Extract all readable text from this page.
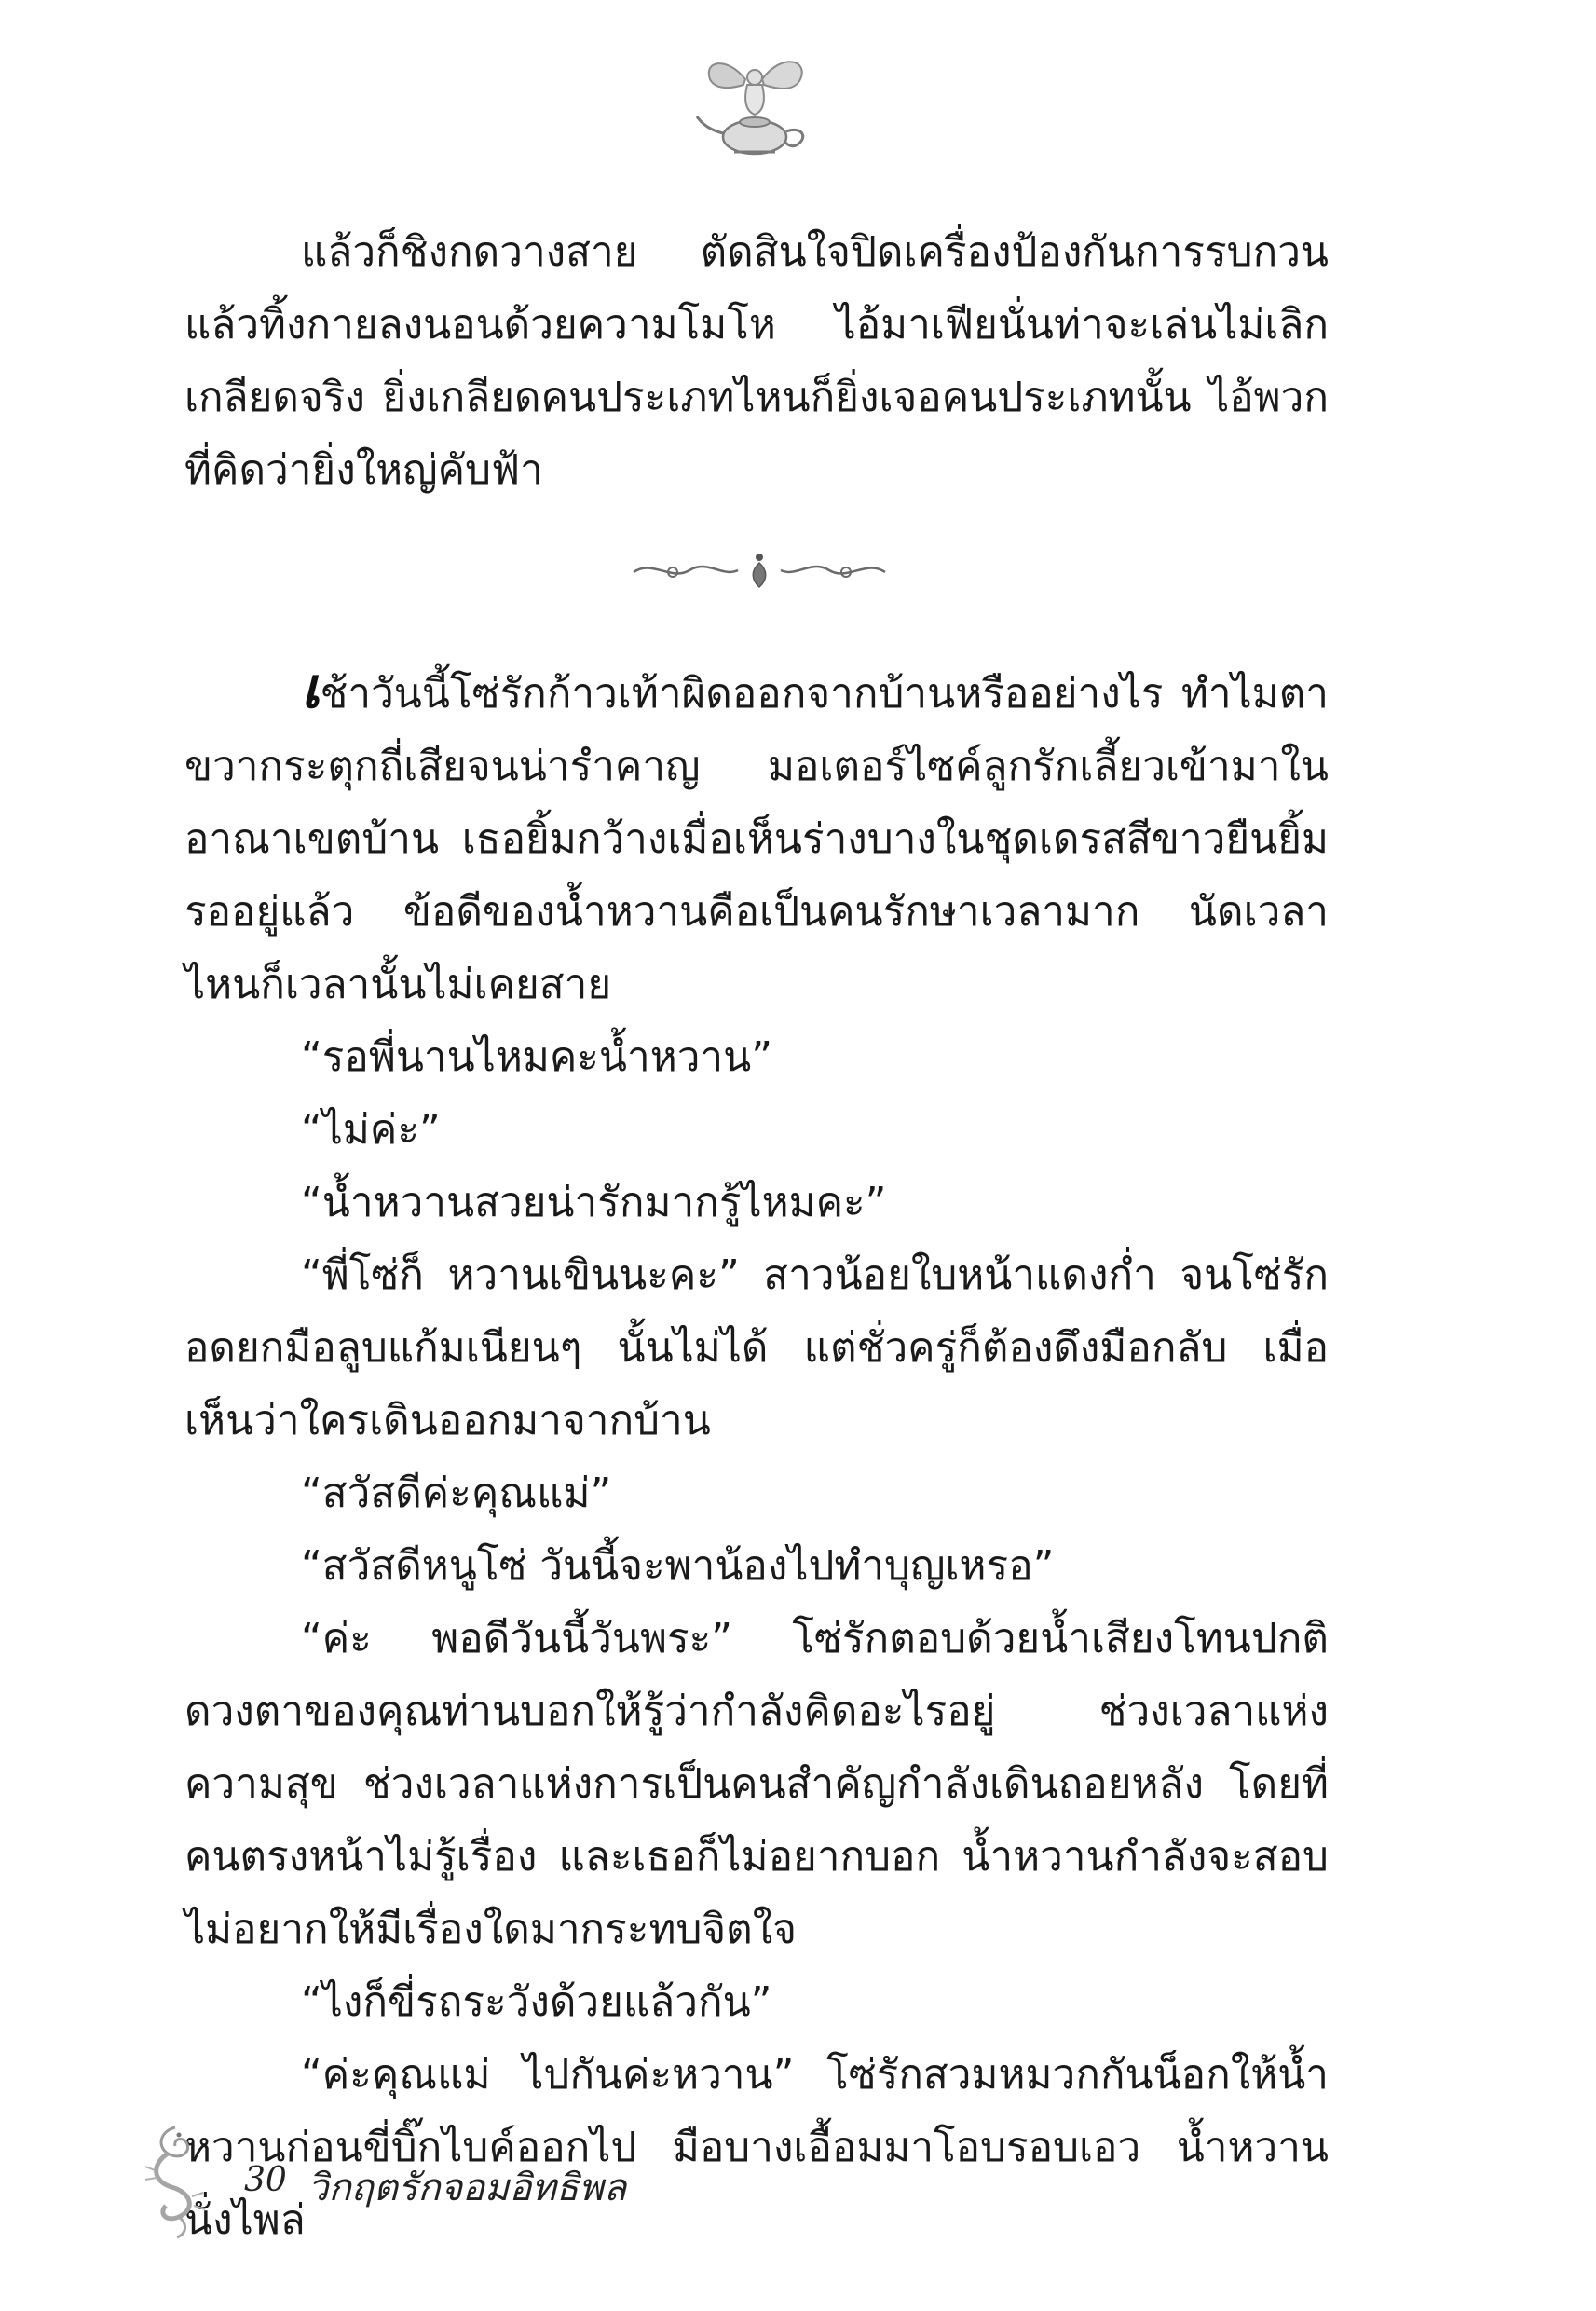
แล้วก็ชิงกดวางสาย ตัดสินใจปิดเครื่องป้องกันการรบกวน แล้วทิ้งกายลงนอนด้วยความโมโห ไอ้มาเฟียนั่นท่าจะเล่นไม่เลิก เกลียดจริง ยิ่งเกลียดคนประเภทไหนก็ยิ่งเจอคนประเภทนั้น ไอ้พวกที่คิดว่ายิ่งใหญ่คับฟ้า

เช้าวันนี้โซ่รักก้าวเท้าผิดออกจากบ้านหรืออย่างไร ทำไมตาขวากระตุกถี่เสียจนน่ารำคาญ มอเตอร์ไซค์ลูกรักเลี้ยวเข้ามาในอาณาเขตบ้าน เธอยิ้มกว้างเมื่อเห็นร่างบางในชุดเดรสสีขาวยืนยิ้มรออยู่แล้ว ข้อดีของน้ำหวานคือเป็นคนรักษาเวลามาก นัดเวลาไหนก็เวลานั้นไม่เคยสาย

“รอพี่นานไหมคะน้ำหวาน”

“ไม่ค่ะ”

“น้ำหวานสวยน่ารักมากรู้ไหมคะ”

“พี่โซ่ก็ หวานเขินนะคะ” สาวน้อยใบหน้าแดงก่ำ จนโซ่รักอดยกมือลูบแก้มเนียนๆ นั้นไม่ได้ แต่ชั่วครู่ก็ต้องดึงมือกลับ เมื่อเห็นว่าใครเดินออกมาจากบ้าน

“สวัสดีค่ะคุณแม่”

“สวัสดีหนูโซ่ วันนี้จะพาน้องไปทำบุญเหรอ”

“ค่ะ พอดีวันนี้วันพระ” โซ่รักตอบด้วยน้ำเสียงโทนปกติ ดวงตาของคุณท่านบอกให้รู้ว่ากำลังคิดอะไรอยู่ ช่วงเวลาแห่งความสุข ช่วงเวลาแห่งการเป็นคนสำคัญกำลังเดินถอยหลัง โดยที่คนตรงหน้าไม่รู้เรื่อง และเธอก็ไม่อยากบอก น้ำหวานกำลังจะสอบ ไม่อยากให้มีเรื่องใดมากระทบจิตใจ

“ไงก็ขี่รถระวังด้วยแล้วกัน”

“ค่ะคุณแม่ ไปกันค่ะหวาน” โซ่รักสวมหมวกกันน็อกให้น้ำหวานก่อนขี่บิ๊กไบค์ออกไป มือบางเอื้อมมาโอบรอบเอว น้ำหวานนั่งไพล่

30 วิกฤตรักจอมอิทธิพล
